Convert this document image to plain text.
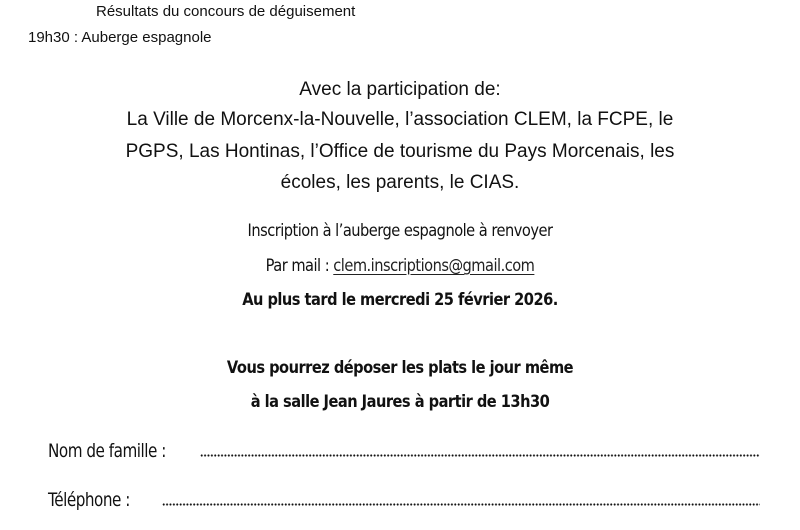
Résultats du concours de déguisement
19h30 : Auberge espagnole
Avec la participation de:
La Ville de Morcenx-la-Nouvelle, l’association CLEM, la FCPE, le
PGPS, Las Hontinas, l’Office de tourisme du Pays Morcenais, les
écoles, les parents, le CIAS.
Inscription à l’auberge espagnole à renvoyer
Par mail : clem.inscriptions@gmail.com
Au plus tard le mercredi 25 février 2026.
Vous pourrez déposer les plats le jour même
à la salle Jean Jaures à partir de 13h30
Nom de famille :
Téléphone :
